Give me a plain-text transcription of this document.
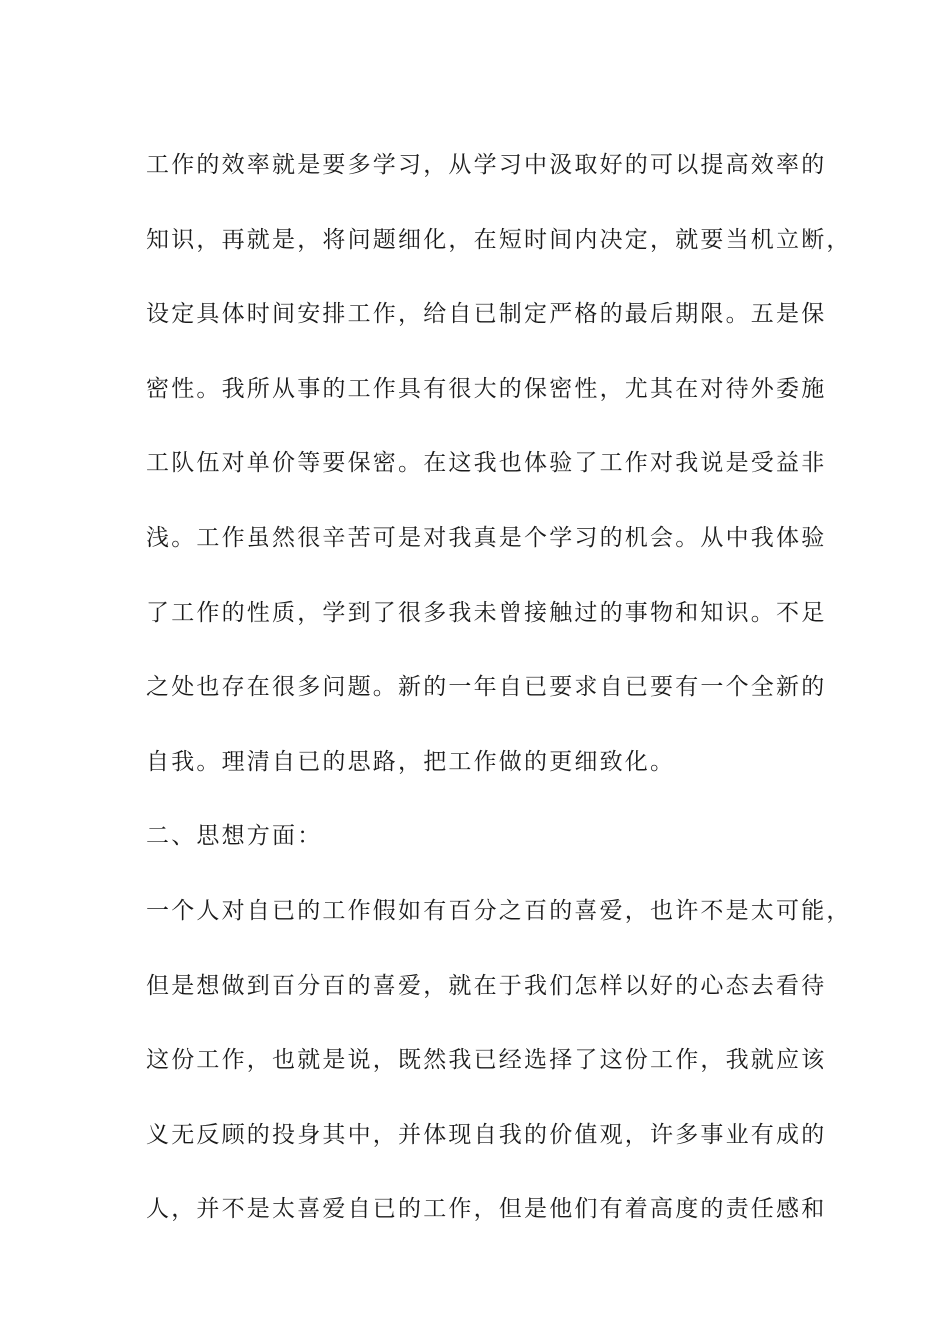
工作的效率就是要多学习，从学习中汲取好的可以提高效率的
知识，再就是，将问题细化，在短时间内决定，就要当机立断，
设定具体时间安排工作，给自已制定严格的最后期限。五是保
密性。我所从事的工作具有很大的保密性，尤其在对待外委施
工队伍对单价等要保密。在这我也体验了工作对我说是受益非
浅。工作虽然很辛苦可是对我真是个学习的机会。从中我体验
了工作的性质，学到了很多我未曾接触过的事物和知识。不足
之处也存在很多问题。新的一年自已要求自已要有一个全新的
自我。理清自已的思路，把工作做的更细致化。
二、思想方面：
一个人对自已的工作假如有百分之百的喜爱，也许不是太可能，
但是想做到百分百的喜爱，就在于我们怎样以好的心态去看待
这份工作，也就是说，既然我已经选择了这份工作，我就应该
义无反顾的投身其中，并体现自我的价值观，许多事业有成的
人，并不是太喜爱自已的工作，但是他们有着高度的责任感和
